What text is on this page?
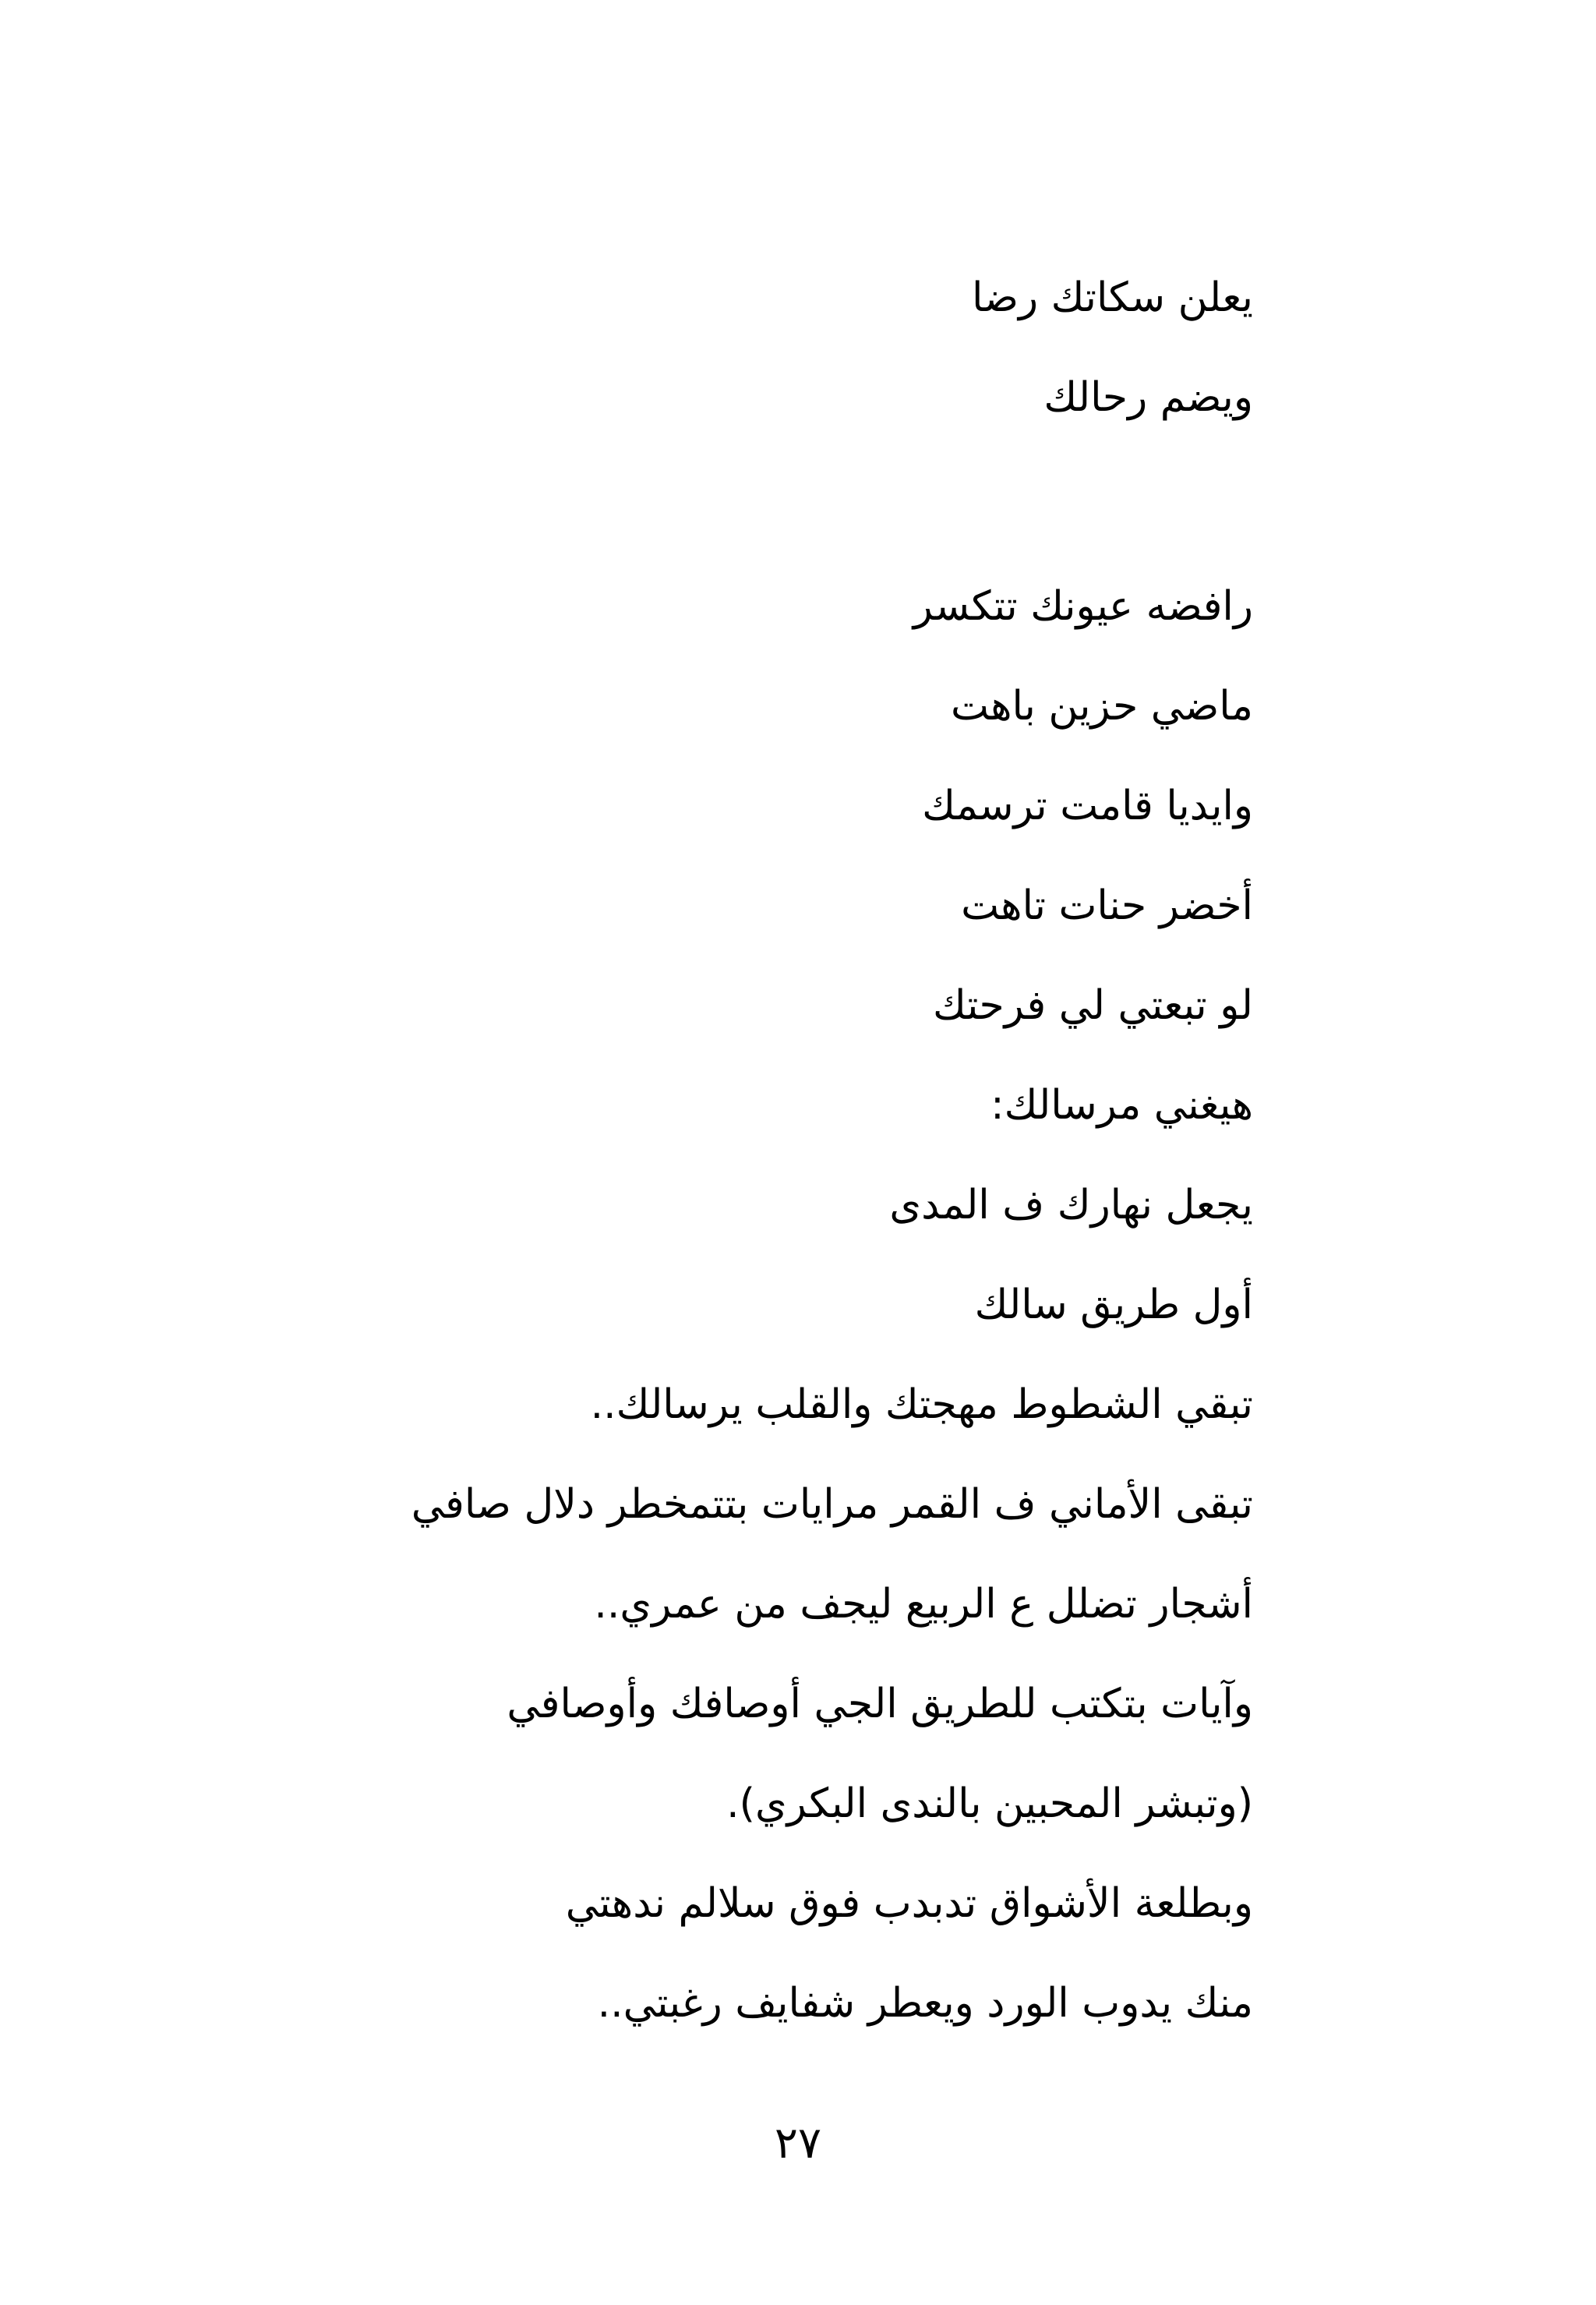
يعلن سكاتك رضا
ويضم رحالك
رافضه عيونك تتكسر
ماضي حزين باهت
وايديا قامت ترسمك
أخضر حنات تاهت
لو تبعتي لي فرحتك
هيغني مرسالك:
يجعل نهارك ف المدى
أول طريق سالك
تبقي الشطوط مهجتك والقلب يرسالك..
تبقى الأماني ف القمر مرايات بتتمخطر دلال صافي
أشجار تضلل ع الربيع ليجف من عمري..
وآيات بتكتب للطريق الجي أوصافك وأوصافي
(وتبشر المحبين بالندى البكري).
وبطلعة الأشواق تدبدب فوق سلالم ندهتي
منك يدوب الورد ويعطر شفايف رغبتي..
٢٧
